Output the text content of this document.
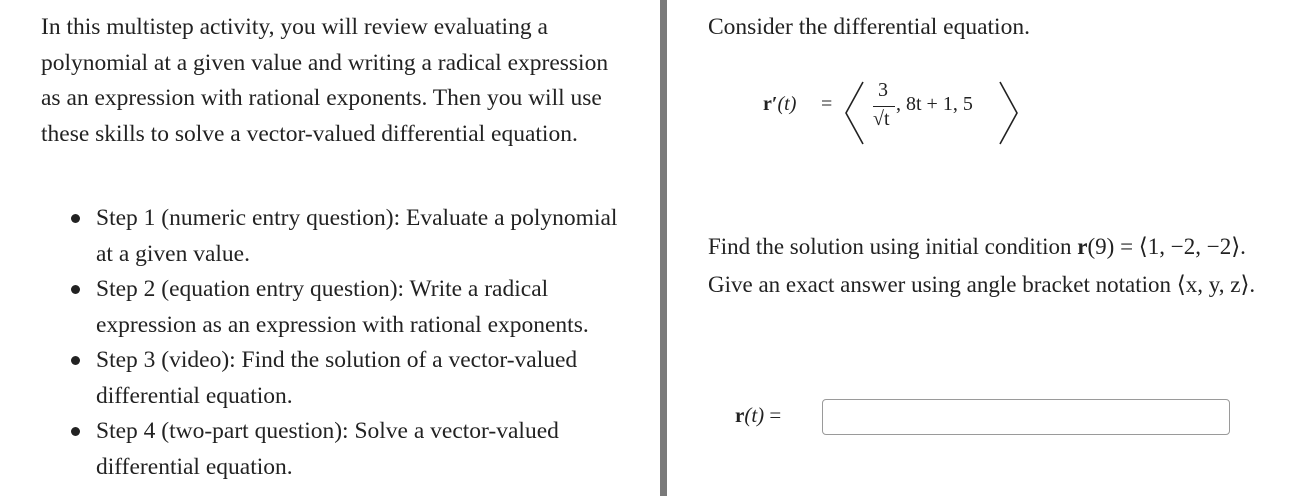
In this multistep activity, you will review evaluating a polynomial at a given value and writing a radical expression as an expression with rational exponents. Then you will use these skills to solve a vector-valued differential equation.

Step 1 (numeric entry question): Evaluate a polynomial at a given value.
Step 2 (equation entry question): Write a radical expression as an expression with rational exponents.
Step 3 (video): Find the solution of a vector-valued differential equation.
Step 4 (two-part question): Solve a vector-valued differential equation.

Consider the differential equation.

r′(t) =
3
√t
, 8t + 1, 5

Find the solution using initial condition r(9) = ⟨1, −2, −2⟩.
Give an exact answer using angle bracket notation ⟨x, y, z⟩.

r(t) =
